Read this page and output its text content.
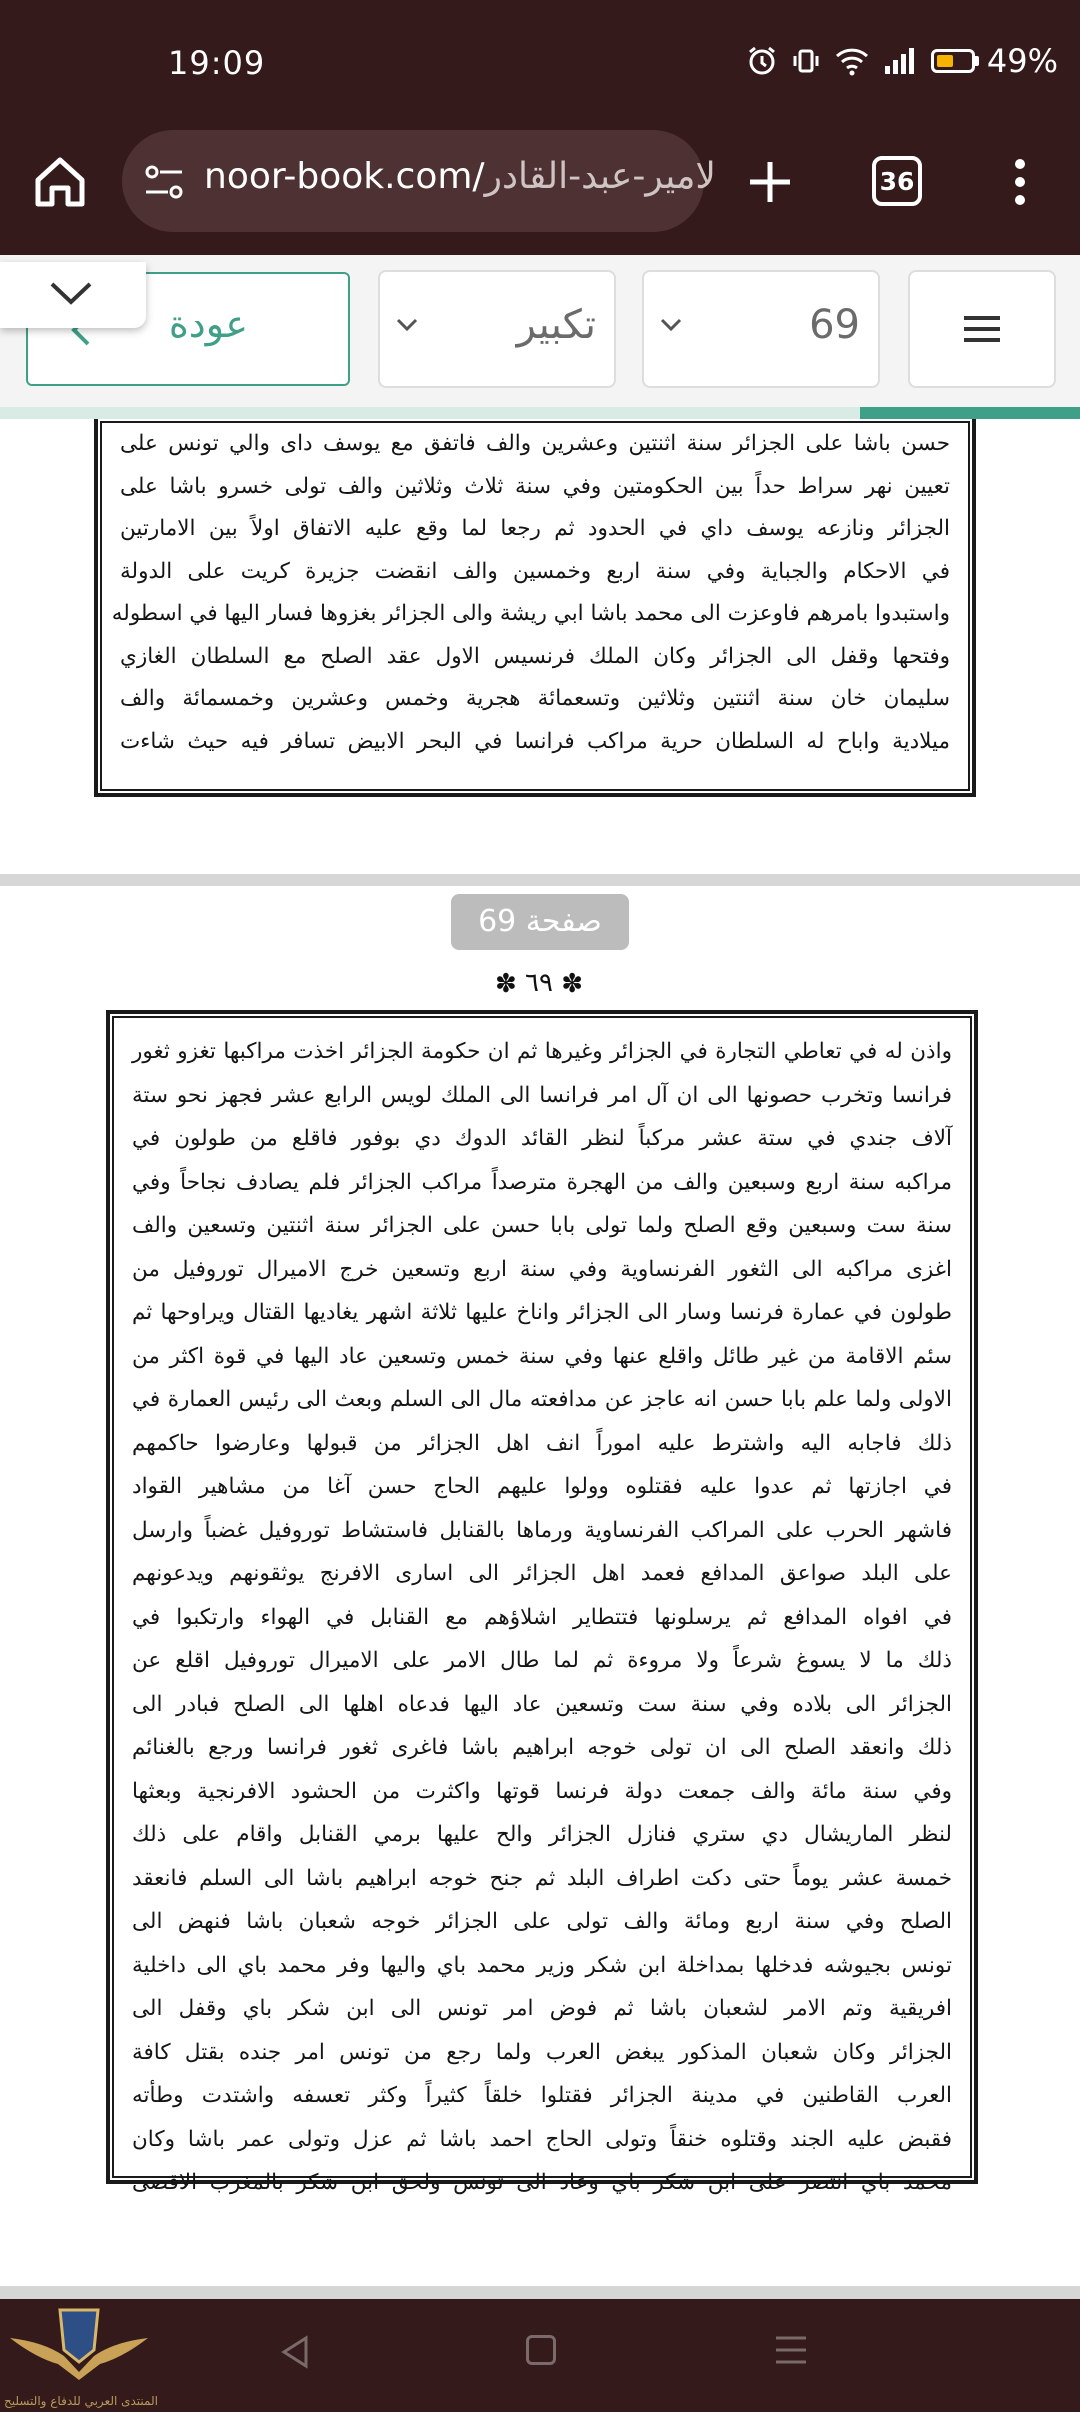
19:09	49%
noor-book.com/لامير-عبد-القادر	36
عودة	تكبير	69
حسن باشا على الجزائر سنة اثنتين وعشرين والف فاتفق مع يوسف داى والي تونس على
تعيين نهر سراط حداً بين الحكومتين وفي سنة ثلاث وثلاثين والف تولى خسرو باشا على
الجزائر ونازعه يوسف داي في الحدود ثم رجعا لما وقع عليه الاتفاق اولاً بين الامارتين
في الاحكام والجباية وفي سنة اربع وخمسين والف انقضت جزيرة كريت على الدولة
واستبدوا بامرهم فاوعزت الى محمد باشا ابي ريشة والى الجزائر بغزوها فسار اليها في اسطوله
وفتحها وقفل الى الجزائر وكان الملك فرنسيس الاول عقد الصلح مع السلطان الغازي
سليمان خان سنة اثنتين وثلاثين وتسعمائة هجرية وخمس وعشرين وخمسمائة والف
ميلادية واباح له السلطان حرية مراكب فرانسا في البحر الابيض تسافر فيه حيث شاءت
صفحة 69
✽ ٦٩ ✽
واذن له في تعاطي التجارة في الجزائر وغيرها ثم ان حكومة الجزائر اخذت مراكبها تغزو ثغور
فرانسا وتخرب حصونها الى ان آل امر فرانسا الى الملك لويس الرابع عشر فجهز نحو ستة
آلاف جندي في ستة عشر مركباً لنظر القائد الدوك دي بوفور فاقلع من طولون في
مراكبه سنة اربع وسبعين والف من الهجرة مترصداً مراكب الجزائر فلم يصادف نجاحاً وفي
سنة ست وسبعين وقع الصلح ولما تولى بابا حسن على الجزائر سنة اثنتين وتسعين والف
اغزى مراكبه الى الثغور الفرنساوية وفي سنة اربع وتسعين خرج الاميرال توروفيل من
طولون في عمارة فرنسا وسار الى الجزائر واناخ عليها ثلاثة اشهر يغاديها القتال ويراوحها ثم
سئم الاقامة من غير طائل واقلع عنها وفي سنة خمس وتسعين عاد اليها في قوة اكثر من
الاولى ولما علم بابا حسن انه عاجز عن مدافعته مال الى السلم وبعث الى رئيس العمارة في
ذلك فاجابه اليه واشترط عليه اموراً انف اهل الجزائر من قبولها وعارضوا حاكمهم
في اجازتها ثم عدوا عليه فقتلوه وولوا عليهم الحاج حسن آغا من مشاهير القواد
فاشهر الحرب على المراكب الفرنساوية ورماها بالقنابل فاستشاط توروفيل غضباً وارسل
على البلد صواعق المدافع فعمد اهل الجزائر الى اسارى الافرنج يوثقونهم ويدعونهم
في افواه المدافع ثم يرسلونها فتتطاير اشلاؤهم مع القنابل في الهواء وارتكبوا في
ذلك ما لا يسوغ شرعاً ولا مروءة ثم لما طال الامر على الاميرال توروفيل اقلع عن
الجزائر الى بلاده وفي سنة ست وتسعين عاد اليها فدعاه اهلها الى الصلح فبادر الى
ذلك وانعقد الصلح الى ان تولى خوجه ابراهيم باشا فاغرى ثغور فرانسا ورجع بالغنائم
وفي سنة مائة والف جمعت دولة فرنسا قوتها واكثرت من الحشود الافرنجية وبعثها
لنظر الماريشال دي ستري فنازل الجزائر والح عليها برمي القنابل واقام على ذلك
خمسة عشر يوماً حتى دكت اطراف البلد ثم جنح خوجه ابراهيم باشا الى السلم فانعقد
الصلح وفي سنة اربع ومائة والف تولى على الجزائر خوجه شعبان باشا فنهض الى
تونس بجيوشه فدخلها بمداخلة ابن شكر وزير محمد باي واليها وفر محمد باي الى داخلية
افريقية وتم الامر لشعبان باشا ثم فوض امر تونس الى ابن شكر باي وقفل الى
الجزائر وكان شعبان المذكور يبغض العرب ولما رجع من تونس امر جنده بقتل كافة
العرب القاطنين في مدينة الجزائر فقتلوا خلقاً كثيراً وكثر تعسفه واشتدت وطأته
فقبض عليه الجند وقتلوه خنقاً وتولى الحاج احمد باشا ثم عزل وتولى عمر باشا وكان
محمد باي انتصر على ابن شكر باي وعاد الى تونس ولحق ابن شكر بالمغرب الاقصى
المنتدى العربي للدفاع والتسليح
